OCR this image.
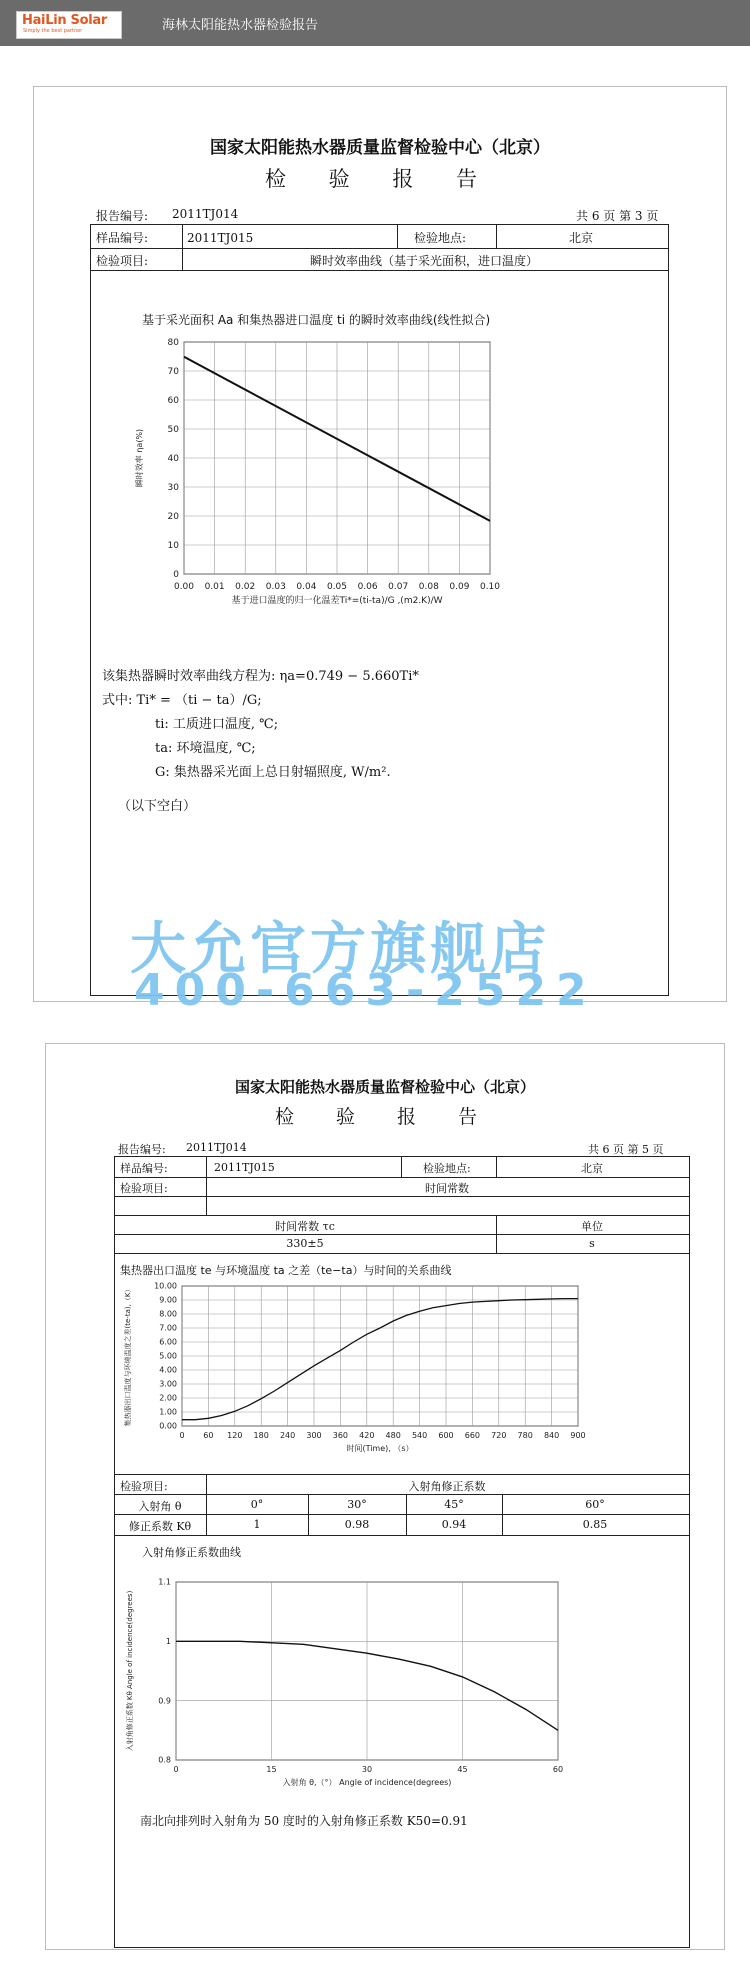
HaiLin Solar
Simply the best partner	海林太阳能热水器检验报告
国家太阳能热水器质量监督检验中心（北京）
检 验 报 告
报告编号: 2011TJ014	共 6 页 第 3 页
样品编号:	2011TJ015	检验地点:	北京
检验项目:	瞬时效率曲线（基于采光面积，进口温度）
基于采光面积 Aa 和集热器进口温度 ti 的瞬时效率曲线(线性拟合)
0.00 0.01 0.02 0.03 0.04 0.05 0.06 0.07 0.08 0.09 0.10
0
10
20
30
40
50
60
70
80
基于进口温度的归一化温差Ti*=(ti-ta)/G ,(m2.K)/W
瞬时效率 ηa(%)
该集热器瞬时效率曲线方程为: ηa=0.749 − 5.660Ti*
式中: Ti* = （ti − ta）/G;
ti: 工质进口温度, ℃;
ta: 环境温度, ℃;
G: 集热器采光面上总日射辐照度, W/m².
（以下空白）
国家太阳能热水器质量监督检验中心（北京）
检 验 报 告
报告编号: 2011TJ014	共 6 页 第 5 页
样品编号:	2011TJ015	检验地点:	北京
检验项目:	时间常数
时间常数 τc	单位
330±5	s
集热器出口温度 te 与环境温度 ta 之差（te−ta）与时间的关系曲线
0 60 120 180 240 300 360 420 480 540 600 660 720 780 840 900
0.00
1.00
2.00
3.00
4.00
5.00
6.00
7.00
8.00
9.00
10.00
时间(Time), （s）
集热器出口温度与环境温度之差(te-ta),（K）
检验项目:	入射角修正系数
入射角 θ	0°	30°	45°	60°
修正系数 Kθ	1	0.98	0.94	0.85
入射角修正系数曲线
0	15	30	45	60
0.8
0.9
1
1.1
入射角 θ,（°） Angle of incidence(degrees)
入射角修正系数 Kθ Angle of incidence(degrees)
南北向排列时入射角为 50 度时的入射角修正系数 K50=0.91
大允官方旗舰店
400-663-2522
